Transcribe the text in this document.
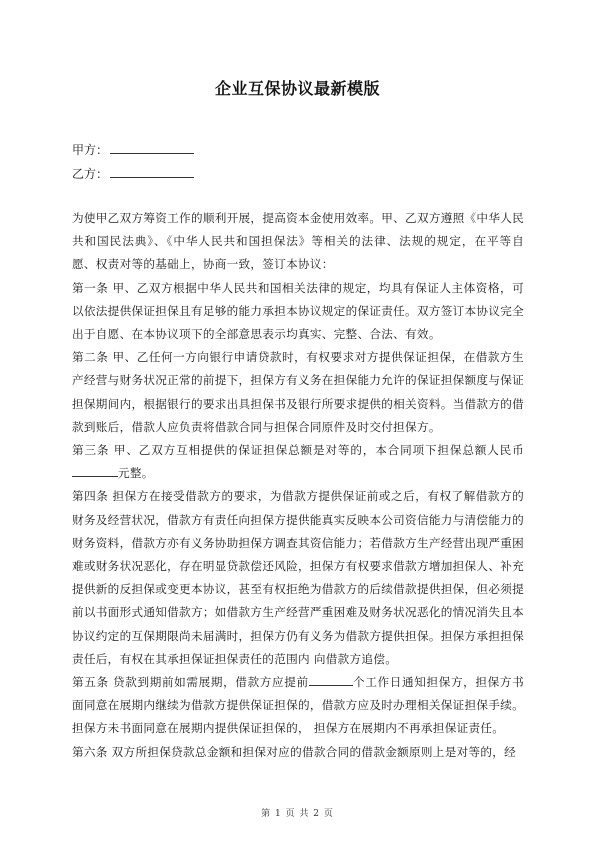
企业互保协议最新模版
甲方：
乙方：

为使甲乙双方筹资工作的顺利开展，提高资本金使用效率。甲、乙双方遵照《中华人民共和国民法典》、《中华人民共和国担保法》等相关的法律、法规的规定，在平等自愿、权责对等的基础上，协商一致，签订本协议：

第一条 甲、乙双方根据中华人民共和国相关法律的规定，均具有保证人主体资格，可以依法提供保证担保且有足够的能力承担本协议规定的保证责任。双方签订本协议完全出于自愿、在本协议项下的全部意思表示均真实、完整、合法、有效。

第二条 甲、乙任何一方向银行申请贷款时，有权要求对方提供保证担保，在借款方生产经营与财务状况正常的前提下，担保方有义务在担保能力允许的保证担保额度与保证担保期间内，根据银行的要求出具担保书及银行所要求提供的相关资料。当借款方的借款到账后，借款人应负责将借款合同与担保合同原件及时交付担保方。

第三条 甲、乙双方互相提供的保证担保总额是对等的，本合同项下担保总额人民币元整。

第四条 担保方在接受借款方的要求，为借款方提供保证前或之后，有权了解借款方的财务及经营状况，借款方有责任向担保方提供能真实反映本公司资信能力与清偿能力的财务资料，借款方亦有义务协助担保方调查其资信能力；若借款方生产经营出现严重困难或财务状况恶化，存在明显贷款偿还风险，担保方有权要求借款方增加担保人、补充提供新的反担保或变更本协议，甚至有权拒绝为借款方的后续借款提供担保，但必须提前以书面形式通知借款方；如借款方生产经营严重困难及财务状况恶化的情况消失且本协议约定的互保期限尚未届满时，担保方仍有义务为借款方提供担保。担保方承担担保责任后，有权在其承担保证担保责任的范围内 向借款方追偿。

第五条 贷款到期前如需展期，借款方应提前	个工作日通知担保方，担保方书面同意在展期内继续为借款方提供保证担保的，借款方应及时办理相关保证担保手续。担保方未书面同意在展期内提供保证担保的， 担保方在展期内不再承担保证责任。

第六条 双方所担保贷款总金额和担保对应的借款合同的借款金额原则上是对等的，经

第 1 页 共 2 页
